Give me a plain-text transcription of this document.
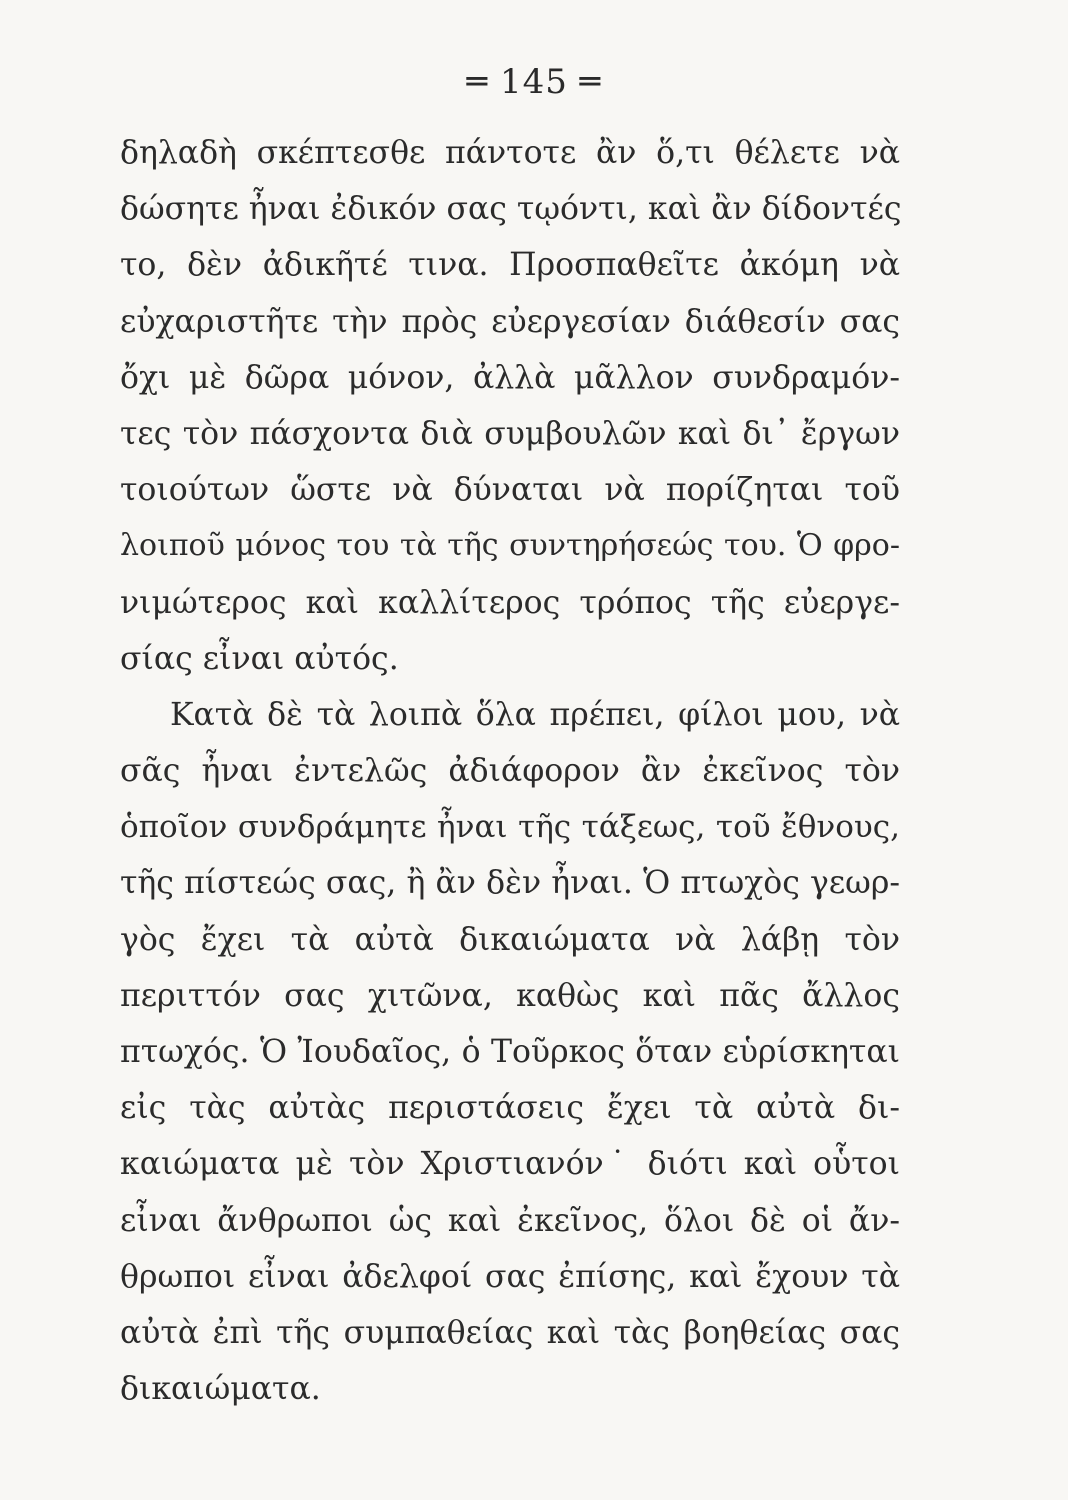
═ 145 ═
δηλαδὴ σκέπτεσθε πάντοτε ἂν ὅ,τι θέλετε νὰ
δώσητε ἦναι ἐδικόν σας τῳόντι, καὶ ἂν δίδοντές
το, δὲν ἀδικῆτέ τινα. Προσπαθεῖτε ἀκόμη νὰ
εὐχαριστῆτε τὴν πρὸς εὐεργεσίαν διάθεσίν σας
ὄχι μὲ δῶρα μόνον, ἀλλὰ μᾶλλον συνδραμόν-
τες τὸν πάσχοντα διὰ συμβουλῶν καὶ δι᾽ ἔργων
τοιούτων ὥστε νὰ δύναται νὰ πορίζηται τοῦ
λοιποῦ μόνος του τὰ τῆς συντηρήσεώς του. Ὁ φρο-
νιμώτερος καὶ καλλίτερος τρόπος τῆς εὐεργε-
σίας εἶναι αὐτός.
Κατὰ δὲ τὰ λοιπὰ ὅλα πρέπει, φίλοι μου, νὰ
σᾶς ἦναι ἐντελῶς ἀδιάφορον ἂν ἐκεῖνος τὸν
ὁποῖον συνδράμητε ἦναι τῆς τάξεως, τοῦ ἔθνους,
τῆς πίστεώς σας, ἢ ἂν δὲν ἦναι. Ὁ πτωχὸς γεωρ-
γὸς ἔχει τὰ αὐτὰ δικαιώματα νὰ λάβῃ τὸν
περιττόν σας χιτῶνα, καθὼς καὶ πᾶς ἄλλος
πτωχός. Ὁ Ἰουδαῖος, ὁ Τοῦρκος ὅταν εὑρίσκηται
εἰς τὰς αὐτὰς περιστάσεις ἔχει τὰ αὐτὰ δι-
καιώματα μὲ τὸν Χριστιανόν˙ διότι καὶ οὗτοι
εἶναι ἄνθρωποι ὡς καὶ ἐκεῖνος, ὅλοι δὲ οἱ ἄν-
θρωποι εἶναι ἀδελφοί σας ἐπίσης, καὶ ἔχουν τὰ
αὐτὰ ἐπὶ τῆς συμπαθείας καὶ τὰς βοηθείας σας
δικαιώματα.
